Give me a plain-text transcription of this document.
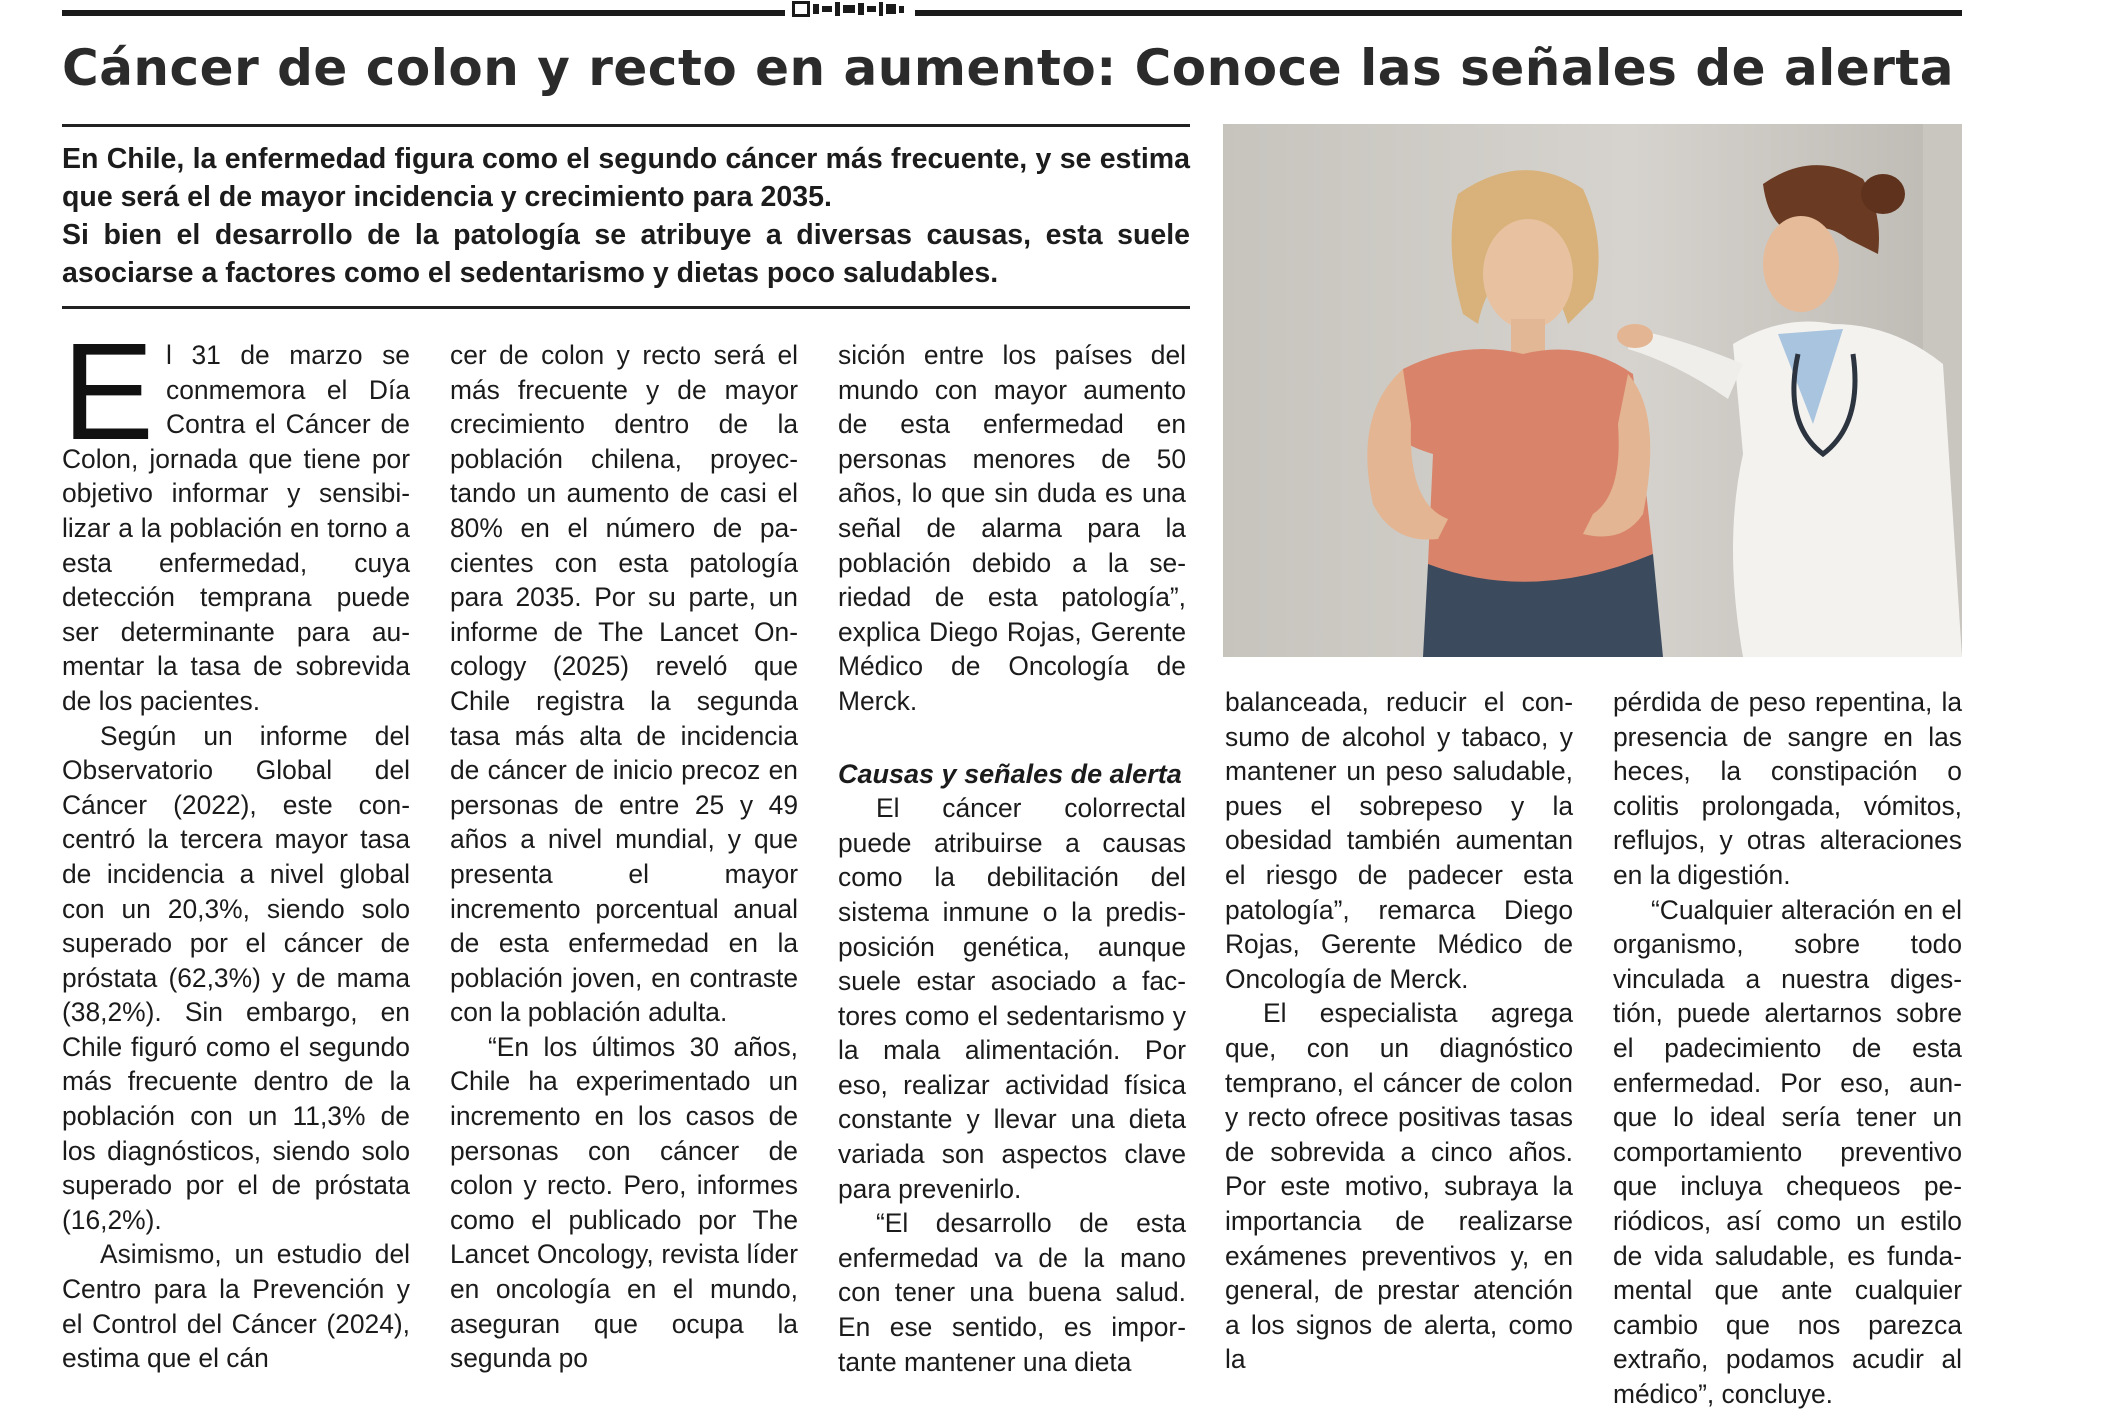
Cáncer de colon y recto en aumento: Conoce las señales de alerta

En Chile, la enfermedad figura como el segundo cáncer más frecuente, y se estima que será el de mayor incidencia y crecimiento para 2035.

Si bien el desarrollo de la patología se atribuye a diversas causas, esta suele asociarse a factores como el sedentarismo y dietas poco saludables.

E l 31 de marzo se conmemora el Día Contra el Cáncer de Colon, jornada que tiene por objetivo informar y sensibilizar a la población en torno a esta enfermedad, cuya detección temprana puede ser determinante para aumentar la tasa de sobrevida de los pacientes.

Según un informe del Observatorio Global del Cáncer (2022), este concentró la tercera mayor tasa de incidencia a nivel global con un 20,3%, siendo solo superado por el cáncer de próstata (62,3%) y de mama (38,2%). Sin embargo, en Chile figuró como el segundo más frecuente dentro de la población con un 11,3% de los diagnósticos, siendo solo superado por el de próstata (16,2%).

Asimismo, un estudio del Centro para la Prevención y el Control del Cáncer (2024), estima que el cán

cer de colon y recto será el más frecuente y de mayor crecimiento dentro de la población chilena, proyectando un aumento de casi el 80% en el número de pacientes con esta patología para 2035. Por su parte, un informe de The Lancet Oncology (2025) reveló que Chile registra la segunda tasa más alta de incidencia de cáncer de inicio precoz en personas de entre 25 y 49 años a nivel mundial, y que presenta el mayor incremento porcentual anual de esta enfermedad en la población joven, en contraste con la población adulta.

“En los últimos 30 años, Chile ha experimentado un incremento en los casos de personas con cáncer de colon y recto. Pero, informes como el publicado por The Lancet Oncology, revista líder en oncología en el mundo, aseguran que ocupa la segunda po

sición entre los países del mundo con mayor aumento de esta enfermedad en personas menores de 50 años, lo que sin duda es una señal de alarma para la población debido a la seriedad de esta patología”, explica Diego Rojas, Gerente Médico de Oncología de Merck.

Causas y señales de alerta

El cáncer colorrectal puede atribuirse a causas como la debilitación del sistema inmune o la predisposición genética, aunque suele estar asociado a factores como el sedentarismo y la mala alimentación. Por eso, realizar actividad física constante y llevar una dieta variada son aspectos clave para prevenirlo.

“El desarrollo de esta enfermedad va de la mano con tener una buena salud. En ese sentido, es importante mantener una dieta

balanceada, reducir el consumo de alcohol y tabaco, y mantener un peso saludable, pues el sobrepeso y la obesidad también aumentan el riesgo de padecer esta patología”, remarca Diego Rojas, Gerente Médico de Oncología de Merck.

El especialista agrega que, con un diagnóstico temprano, el cáncer de colon y recto ofrece positivas tasas de sobrevida a cinco años. Por este motivo, subraya la importancia de realizarse exámenes preventivos y, en general, de prestar atención a los signos de alerta, como la

pérdida de peso repentina, la presencia de sangre en las heces, la constipación o colitis prolongada, vómitos, reflujos, y otras alteraciones en la digestión.

“Cualquier alteración en el organismo, sobre todo vinculada a nuestra digestión, puede alertarnos sobre el padecimiento de esta enfermedad. Por eso, aunque lo ideal sería tener un comportamiento preventivo que incluya chequeos periódicos, así como un estilo de vida saludable, es fundamental que ante cualquier cambio que nos parezca extraño, podamos acudir al médico”, concluye.
